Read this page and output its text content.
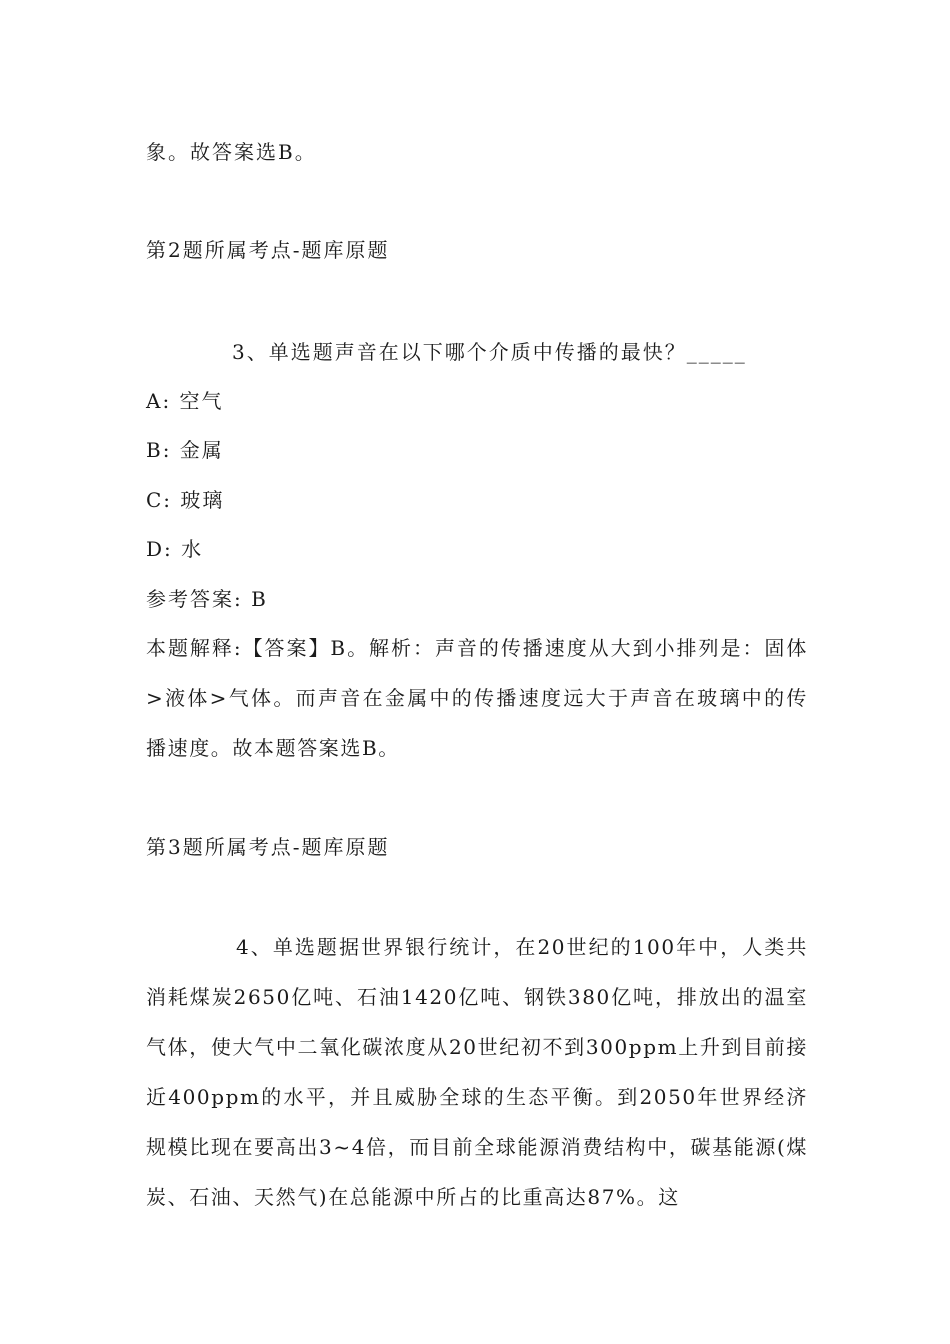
象。故答案选B。

第2题所属考点-题库原题

3、单选题声音在以下哪个介质中传播的最快？_____

A: 空气

B: 金属

C: 玻璃

D: 水

参考答案: B

本题解释:【答案】B。解析：声音的传播速度从大到小排列是：固体>液体>气体。而声音在金属中的传播速度远大于声音在玻璃中的传播速度。故本题答案选B。

第3题所属考点-题库原题

4、单选题据世界银行统计，在20世纪的100年中，人类共消耗煤炭2650亿吨、石油1420亿吨、钢铁380亿吨，排放出的温室气体，使大气中二氧化碳浓度从20世纪初不到300ppm上升到目前接近400ppm的水平，并且威胁全球的生态平衡。到2050年世界经济规模比现在要高出3~4倍，而目前全球能源消费结构中，碳基能源(煤炭、石油、天然气)在总能源中所占的比重高达87%。这
